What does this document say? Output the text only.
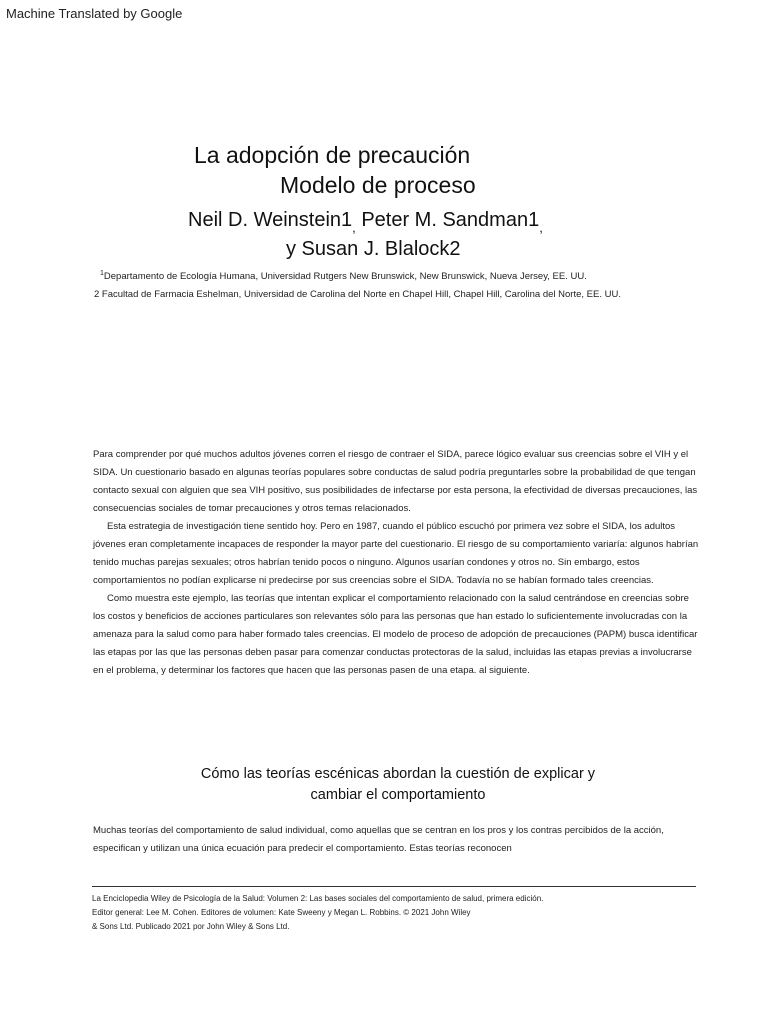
Machine Translated by Google
La adopción de precaución
Modelo de proceso
Neil D. $Weinstein1_,$ Peter M. $Sandman1_,$
y Susan J. Blalock2
$^1$Departamento de Ecología Humana, Universidad Rutgers New Brunswick, New Brunswick, Nueva Jersey, EE. UU.
2 Facultad de Farmacia Eshelman, Universidad de Carolina del Norte en Chapel Hill, Chapel Hill, Carolina del Norte, EE. UU.

Para comprender por qué muchos adultos jóvenes corren el riesgo de contraer el SIDA, parece lógico evaluar sus creencias sobre el VIH y el SIDA. Un cuestionario basado en algunas teorías populares sobre conductas de salud podría preguntarles sobre la probabilidad de que tengan contacto sexual con alguien que sea VIH positivo, sus posibilidades de infectarse por esta persona, la efectividad de diversas precauciones, las consecuencias sociales de tomar precauciones y otros temas relacionados.

Esta estrategia de investigación tiene sentido hoy. Pero en 1987, cuando el público escuchó por primera vez sobre el SIDA, los adultos jóvenes eran completamente incapaces de responder la mayor parte del cuestionario. El riesgo de su comportamiento variaría: algunos habrían tenido muchas parejas sexuales; otros habrían tenido pocos o ninguno. Algunos usarían condones y otros no. Sin embargo, estos comportamientos no podían explicarse ni predecirse por sus creencias sobre el SIDA. Todavía no se habían formado tales creencias.

Como muestra este ejemplo, las teorías que intentan explicar el comportamiento relacionado con la salud centrándose en creencias sobre los costos y beneficios de acciones particulares son relevantes sólo para las personas que han estado lo suficientemente involucradas con la amenaza para la salud como para haber formado tales creencias. El modelo de proceso de adopción de precauciones (PAPM) busca identificar las etapas por las que las personas deben pasar para comenzar conductas protectoras de la salud, incluidas las etapas previas a involucrarse en el problema, y determinar los factores que hacen que las personas pasen de una etapa. al siguiente.

Cómo las teorías escénicas abordan la cuestión de explicar y
cambiar el comportamiento
Muchas teorías del comportamiento de salud individual, como aquellas que se centran en los pros y los contras percibidos de la acción, especifican y utilizan una única ecuación para predecir el comportamiento. Estas teorías reconocen
La Enciclopedia Wiley de Psicología de la Salud: Volumen 2: Las bases sociales del comportamiento de salud, primera edición.
Editor general: Lee M. Cohen. Editores de volumen: Kate Sweeny y Megan L. Robbins. © 2021 John Wiley
& Sons Ltd. Publicado 2021 por John Wiley & Sons Ltd.
